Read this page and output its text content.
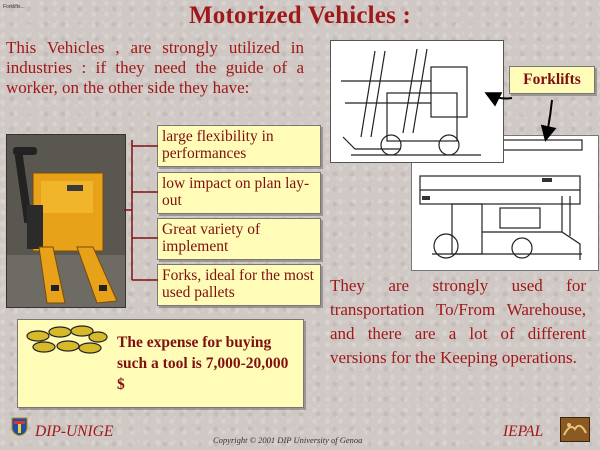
Forklifts...	Motorized Vehicles :
This Vehicles , are strongly utilized in industries : if they need the guide of a worker, on the other side they have:
large flexibility in performances
low impact on plan lay-out
Great variety of implement
Forks, ideal for the most used pallets
The expense for buying such a tool is 7,000-20,000 $
Forklifts
They are strongly used for transportation To/From Warehouse, and there are a lot of different versions for the Keeping operations.
DIP-UNIGE	Copyright © 2001 DIP University of Genoa	IEPAL
